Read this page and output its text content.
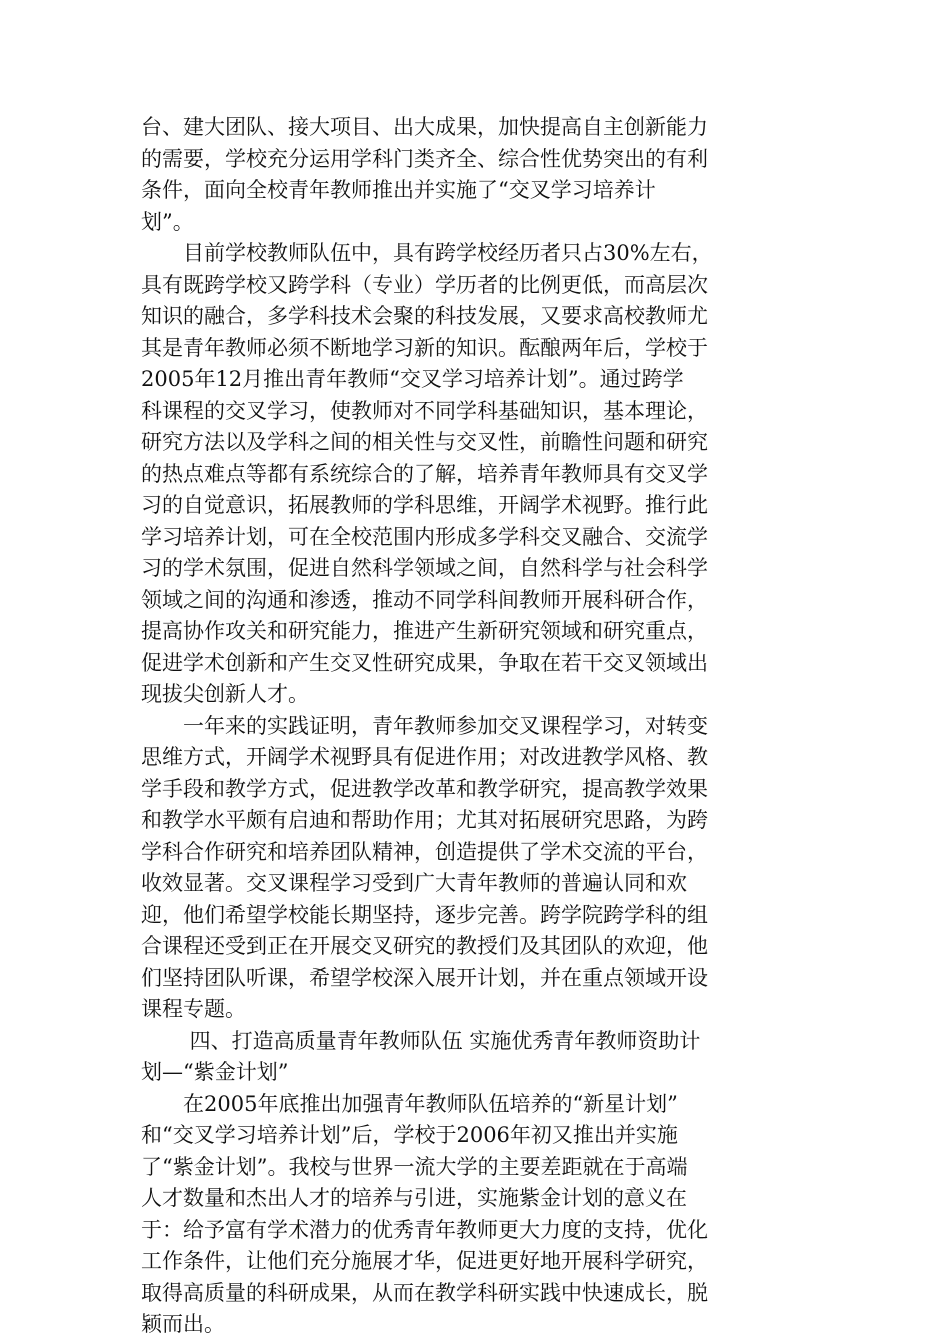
台、建大团队、接大项目、出大成果，加快提高自主创新能力
的需要，学校充分运用学科门类齐全、综合性优势突出的有利
条件，面向全校青年教师推出并实施了“交叉学习培养计
划”。
　　目前学校教师队伍中，具有跨学校经历者只占30%左右，
具有既跨学校又跨学科（专业）学历者的比例更低，而高层次
知识的融合，多学科技术会聚的科技发展，又要求高校教师尤
其是青年教师必须不断地学习新的知识。酝酿两年后，学校于
2005年12月推出青年教师“交叉学习培养计划”。通过跨学
科课程的交叉学习，使教师对不同学科基础知识，基本理论，
研究方法以及学科之间的相关性与交叉性，前瞻性问题和研究
的热点难点等都有系统综合的了解，培养青年教师具有交叉学
习的自觉意识，拓展教师的学科思维，开阔学术视野。推行此
学习培养计划，可在全校范围内形成多学科交叉融合、交流学
习的学术氛围，促进自然科学领域之间，自然科学与社会科学
领域之间的沟通和渗透，推动不同学科间教师开展科研合作，
提高协作攻关和研究能力，推进产生新研究领域和研究重点，
促进学术创新和产生交叉性研究成果，争取在若干交叉领域出
现拔尖创新人才。
　　一年来的实践证明，青年教师参加交叉课程学习，对转变
思维方式，开阔学术视野具有促进作用；对改进教学风格、教
学手段和教学方式，促进教学改革和教学研究，提高教学效果
和教学水平颇有启迪和帮助作用；尤其对拓展研究思路，为跨
学科合作研究和培养团队精神，创造提供了学术交流的平台，
收效显著。交叉课程学习受到广大青年教师的普遍认同和欢
迎，他们希望学校能长期坚持，逐步完善。跨学院跨学科的组
合课程还受到正在开展交叉研究的教授们及其团队的欢迎，他
们坚持团队听课，希望学校深入展开计划，并在重点领域开设
课程专题。
　　 四、打造高质量青年教师队伍 实施优秀青年教师资助计
划—“紫金计划”
　　在2005年底推出加强青年教师队伍培养的“新星计划”
和“交叉学习培养计划”后，学校于2006年初又推出并实施
了“紫金计划”。我校与世界一流大学的主要差距就在于高端
人才数量和杰出人才的培养与引进，实施紫金计划的意义在
于：给予富有学术潜力的优秀青年教师更大力度的支持，优化
工作条件，让他们充分施展才华，促进更好地开展科学研究，
取得高质量的科研成果，从而在教学科研实践中快速成长，脱
颖而出。
